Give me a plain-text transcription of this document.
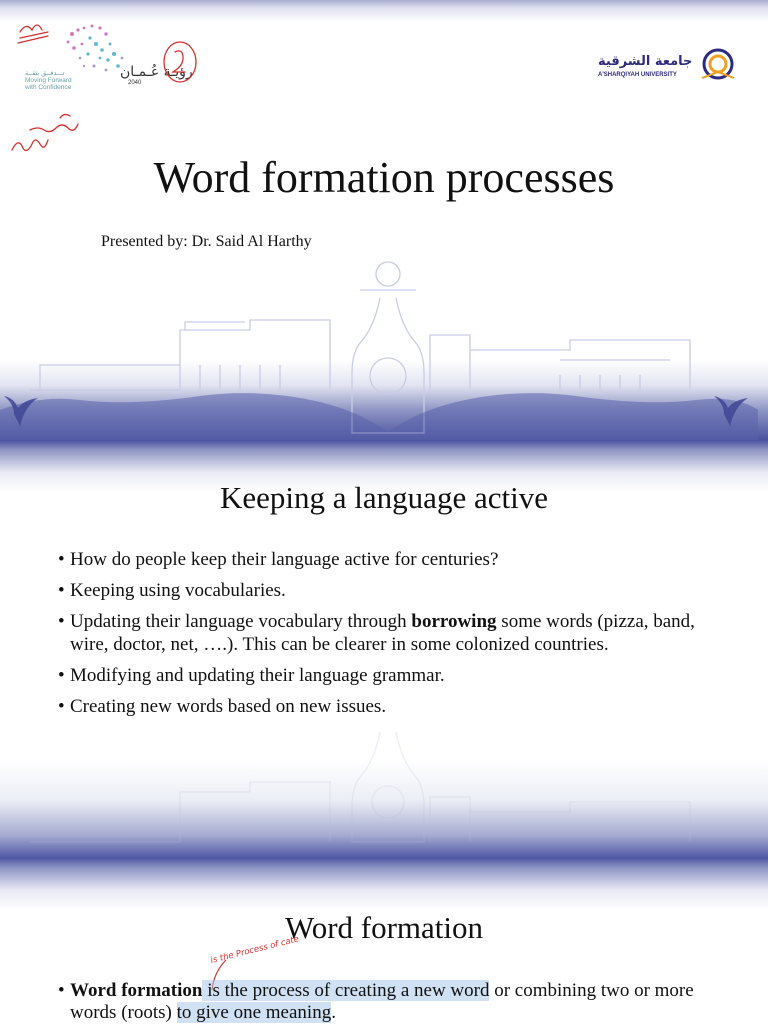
تـــدفــق بثقــة
Moving Forward
with Confidence
رؤيـة عُـمـان
2040
جامعة الشرقية
A'SHARQIYAH UNIVERSITY
Word formation processes
Presented by: Dr. Said Al Harthy
Keeping a language active
• How do people keep their language active for centuries?
• Keeping using vocabularies.
• Updating their language vocabulary through borrowing some words (pizza, band, wire, doctor, net, ….). This can be clearer in some colonized countries.
• Modifying and updating their language grammar.
• Creating new words based on new issues.
Word formation
is the Process of cate
• Word formation is the process of creating a new word or combining two or more words (roots) to give one meaning.
